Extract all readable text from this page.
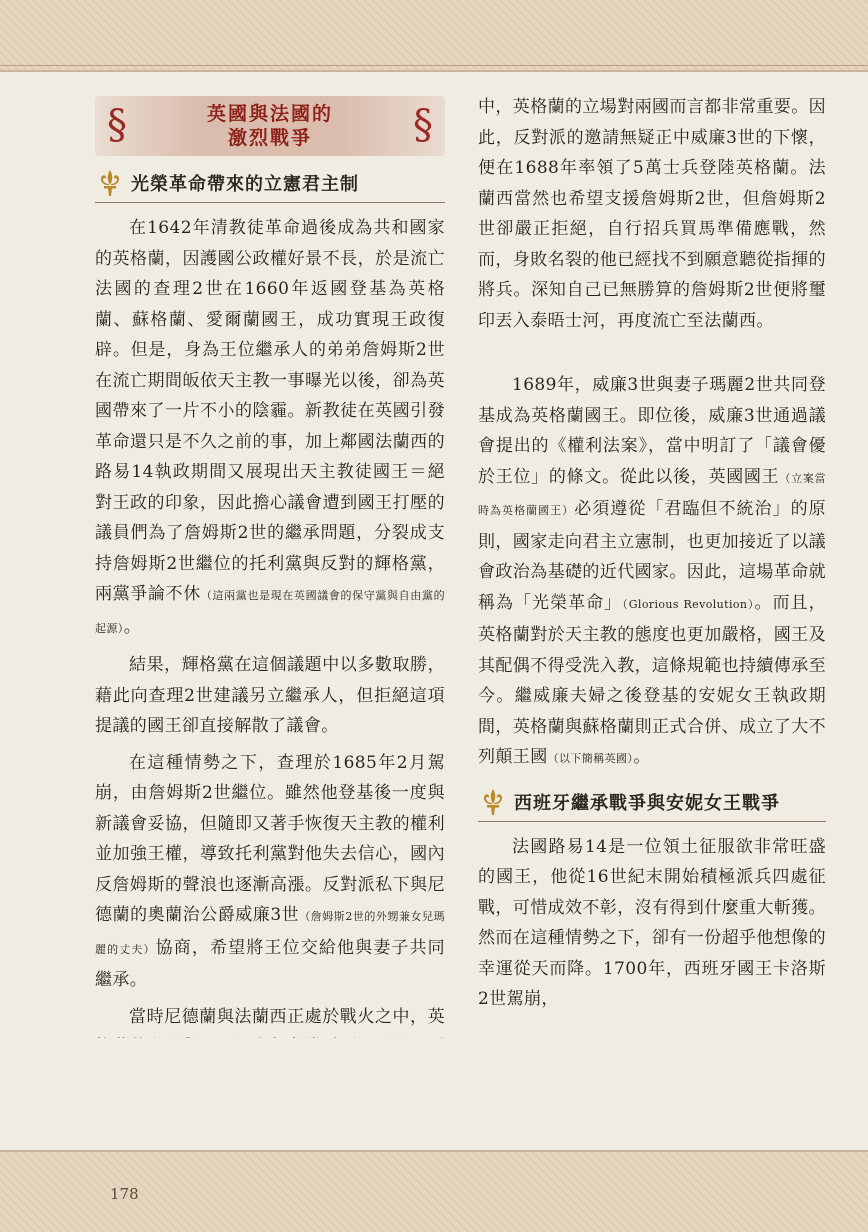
§	英國與法國的
激烈戰爭	§
光榮革命帶來的立憲君主制

在1642年清教徒革命過後成為共和國家的英格蘭，因護國公政權好景不長，於是流亡法國的查理2世在1660年返國登基為英格蘭、蘇格蘭、愛爾蘭國王，成功實現王政復辟。但是，身為王位繼承人的弟弟詹姆斯2世在流亡期間皈依天主教一事曝光以後，卻為英國帶來了一片不小的陰霾。新教徒在英國引發革命還只是不久之前的事，加上鄰國法蘭西的路易14執政期間又展現出天主教徒國王＝絕對王政的印象，因此擔心議會遭到國王打壓的議員們為了詹姆斯2世的繼承問題，分裂成支持詹姆斯2世繼位的托利黨與反對的輝格黨，兩黨爭論不休（這兩黨也是現在英國議會的保守黨與自由黨的起源）。

結果，輝格黨在這個議題中以多數取勝，藉此向查理2世建議另立繼承人，但拒絕這項提議的國王卻直接解散了議會。

在這種情勢之下，查理於1685年2月駕崩，由詹姆斯2世繼位。雖然他登基後一度與新議會妥協，但隨即又著手恢復天主教的權利並加強王權，導致托利黨對他失去信心，國內反詹姆斯的聲浪也逐漸高漲。反對派私下與尼德蘭的奧蘭治公爵威廉3世（詹姆斯2世的外甥兼女兒瑪麗的丈夫）協商，希望將王位交給他與妻子共同繼承。

當時尼德蘭與法蘭西正處於戰火之中，英

中，英格蘭的立場對兩國而言都非常重要。因此，反對派的邀請無疑正中威廉3世的下懷，便在1688年率領了5萬士兵登陸英格蘭。法蘭西當然也希望支援詹姆斯2世，但詹姆斯2世卻嚴正拒絕，自行招兵買馬準備應戰，然而，身敗名裂的他已經找不到願意聽從指揮的將兵。深知自己已無勝算的詹姆斯2世便將璽印丟入泰晤士河，再度流亡至法蘭西。

1689年，威廉3世與妻子瑪麗2世共同登基成為英格蘭國王。即位後，威廉3世通過議會提出的《權利法案》，當中明訂了「議會優於王位」的條文。從此以後，英國國王（立案當時為英格蘭國王）必須遵從「君臨但不統治」的原則，國家走向君主立憲制，也更加接近了以議會政治為基礎的近代國家。因此，這場革命就稱為「光榮革命」（Glorious Revolution）。而且，英格蘭對於天主教的態度也更加嚴格，國王及其配偶不得受洗入教，這條規範也持續傳承至今。繼威廉夫婦之後登基的安妮女王執政期間，英格蘭與蘇格蘭則正式合併、成立了大不列顛王國（以下簡稱英國）。

西班牙繼承戰爭與安妮女王戰爭

法國路易14是一位領土征服欲非常旺盛的國王，他從16世紀末開始積極派兵四處征戰，可惜成效不彰，沒有得到什麼重大斬獲。然而在這種情勢之下，卻有一份超乎他想像的幸運從天而降。1700年，西班牙國王卡洛斯2世駕崩，

178
